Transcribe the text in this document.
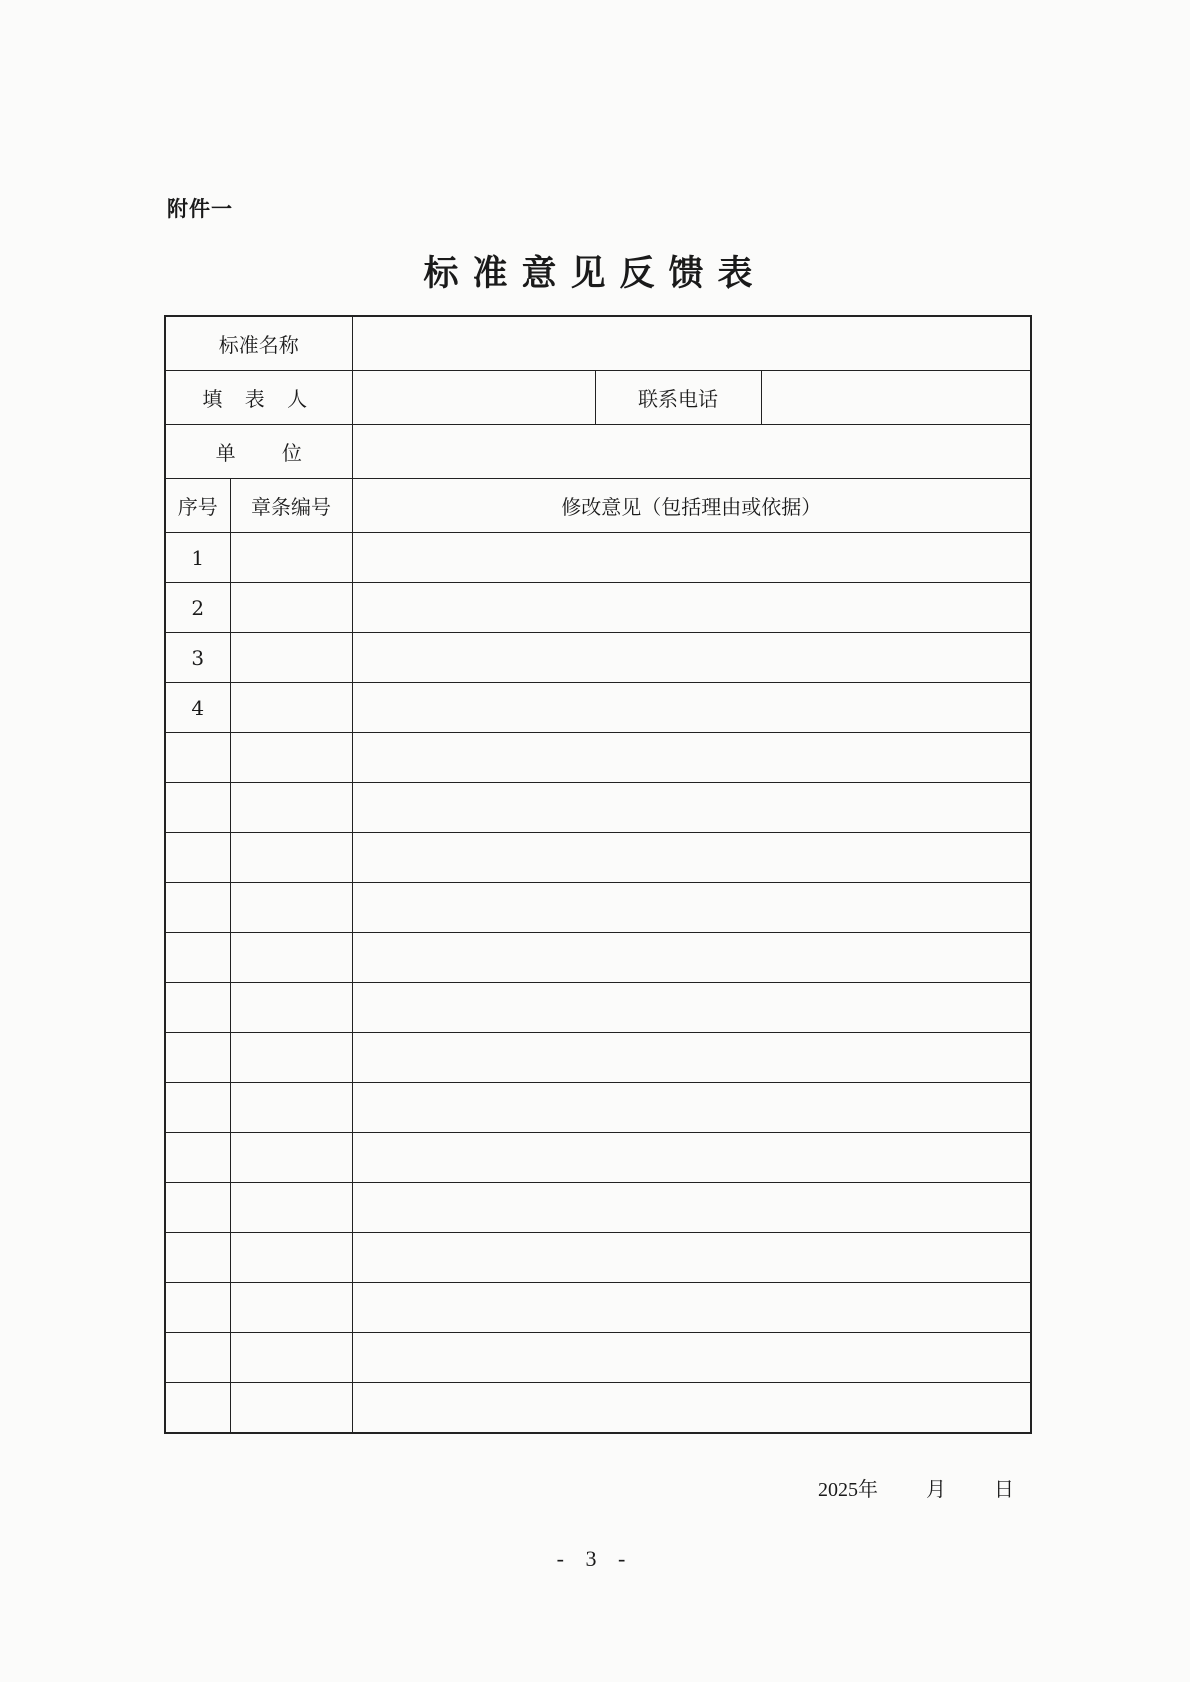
附件一
标准意见反馈表
标准名称				
填 表 人			联系电话	
单 位				
序号	章条编号	修改意见（包括理由或依据）		
1				
2				
3				
4				

2025年 月 日
- 3 -
